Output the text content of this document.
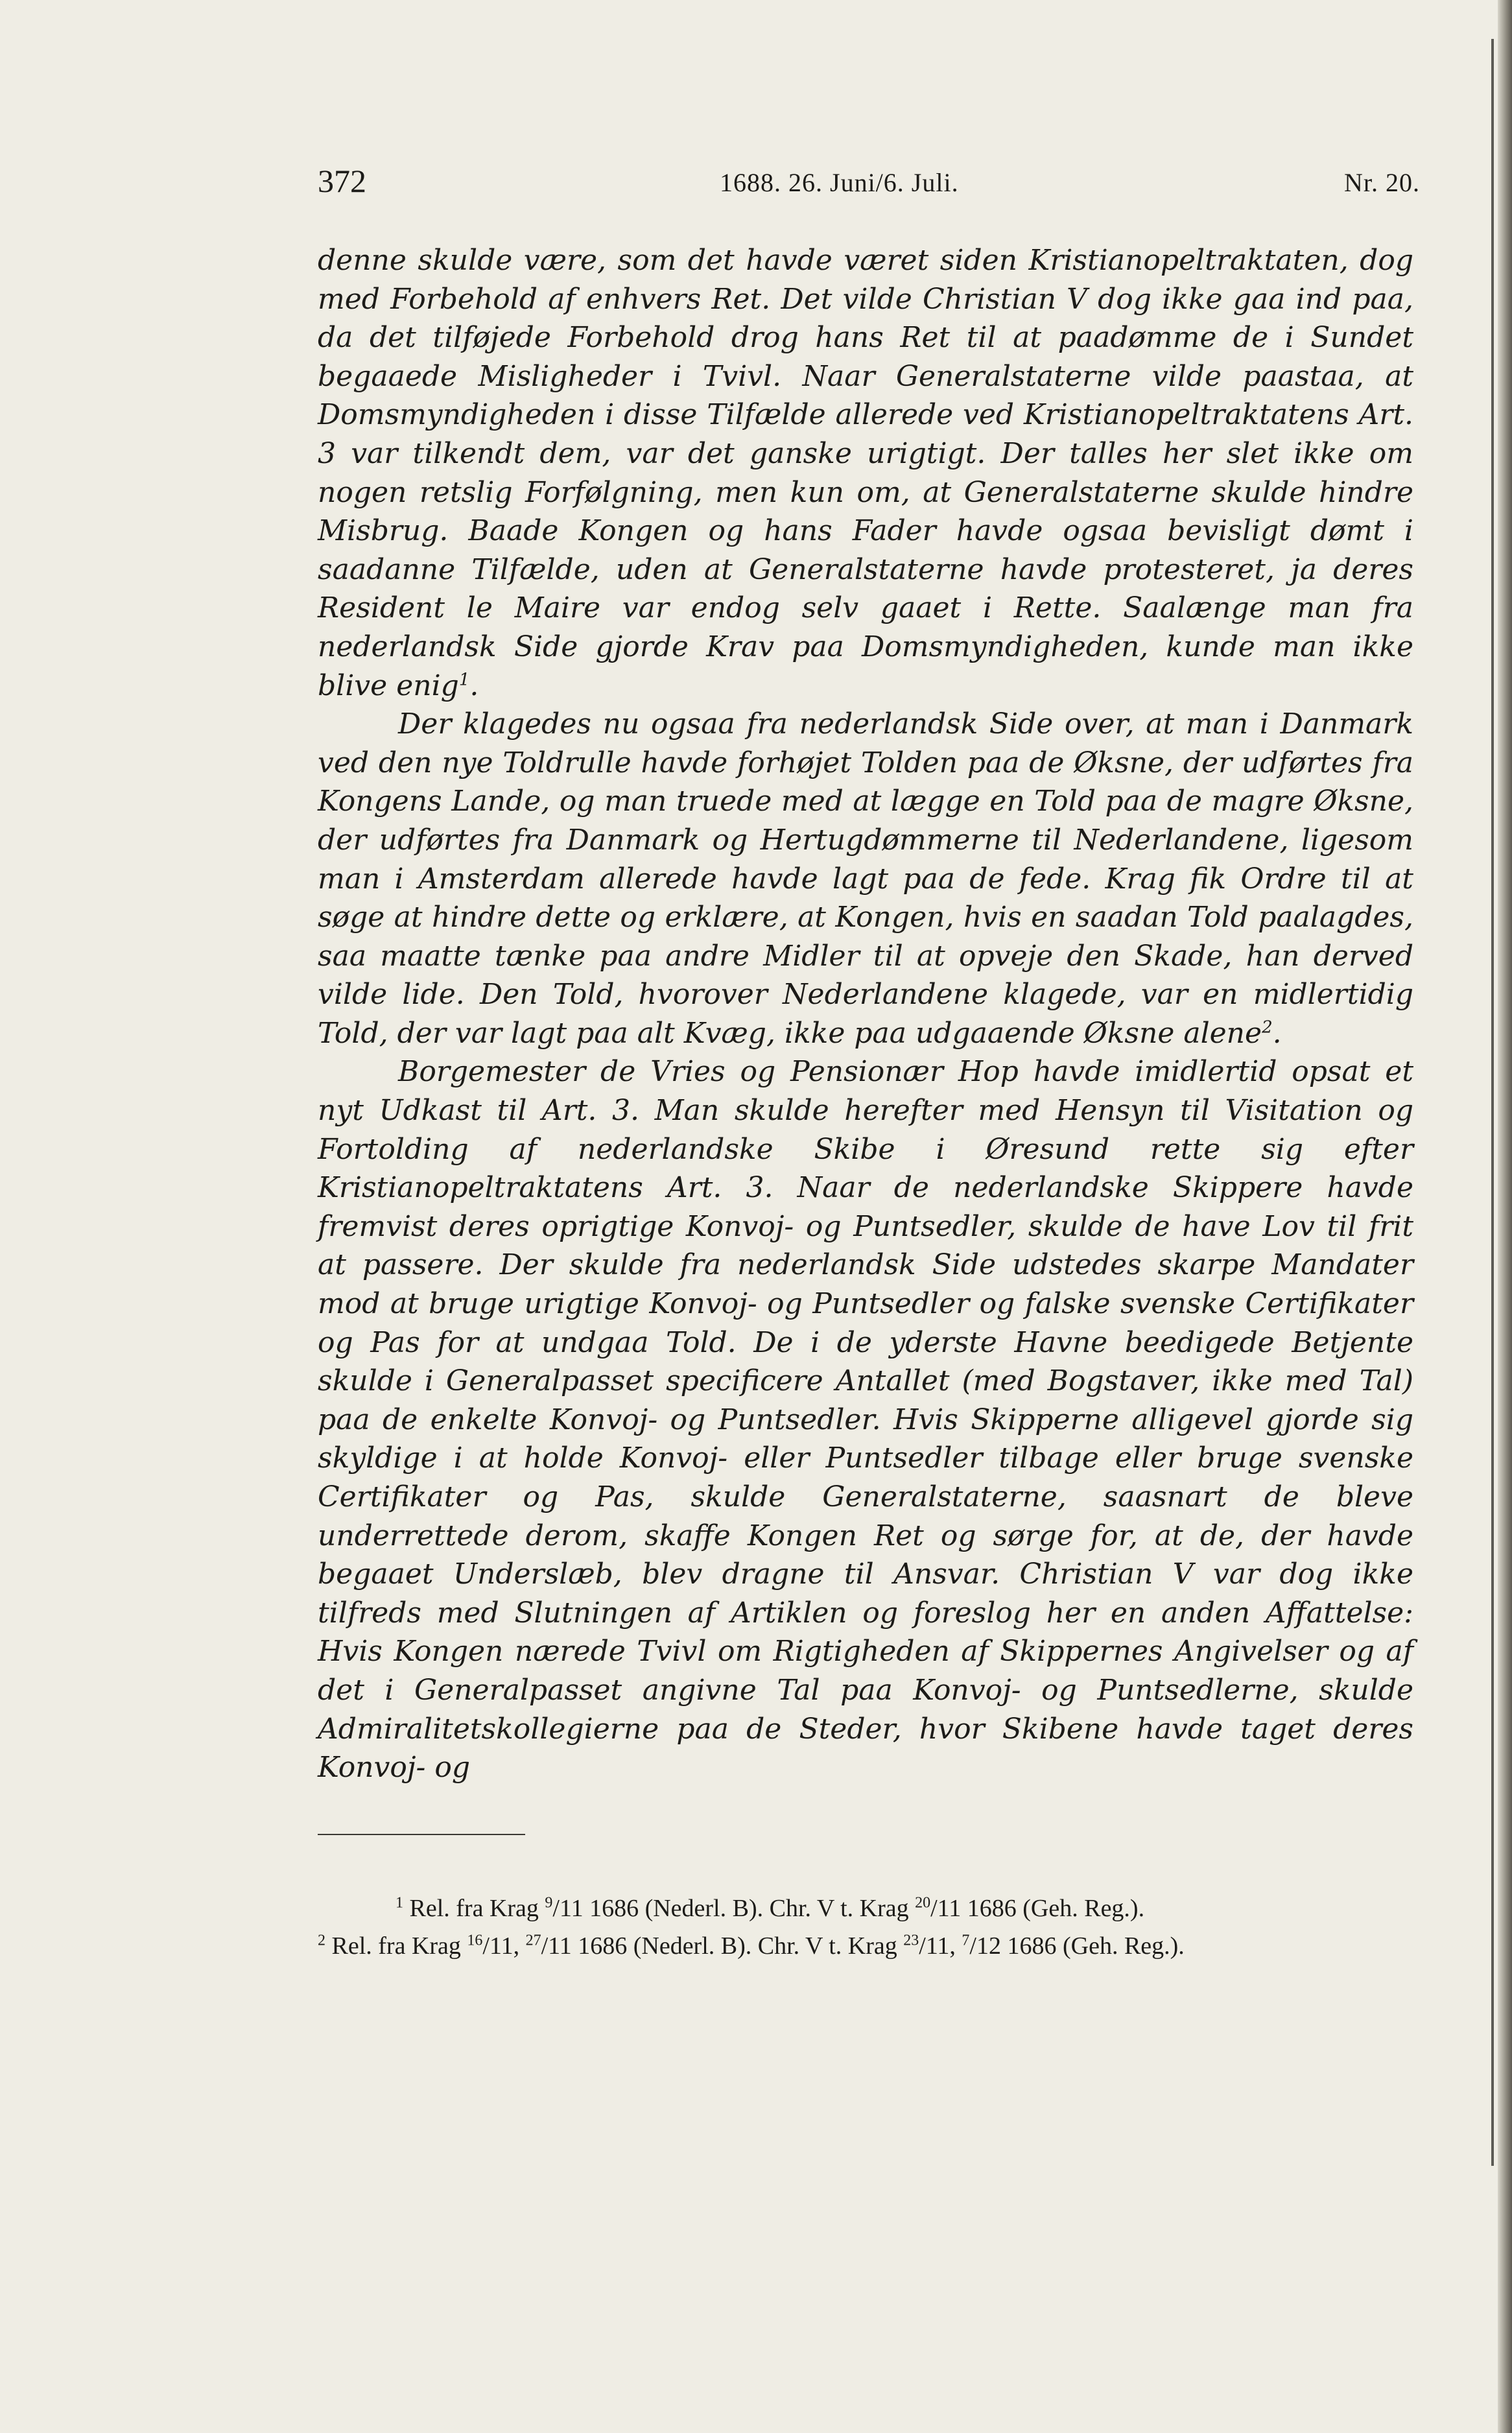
372	1688. 26. Juni/6. Juli.	Nr. 20.

denne skulde være, som det havde været siden Kristianopeltraktaten, dog med Forbehold af enhvers Ret. Det vilde Christian V dog ikke gaa ind paa, da det tilføjede Forbehold drog hans Ret til at paadømme de i Sundet begaaede Misligheder i Tvivl. Naar Generalstaterne vilde paastaa, at Domsmyndigheden i disse Tilfælde allerede ved Kristianopeltraktatens Art. 3 var tilkendt dem, var det ganske urigtigt. Der talles her slet ikke om nogen retslig Forfølgning, men kun om, at Generalstaterne skulde hindre Misbrug. Baade Kongen og hans Fader havde ogsaa bevisligt dømt i saadanne Tilfælde, uden at Generalstaterne havde protesteret, ja deres Resident le Maire var endog selv gaaet i Rette. Saalænge man fra nederlandsk Side gjorde Krav paa Domsmyndigheden, kunde man ikke blive enig$^1$.

Der klagedes nu ogsaa fra nederlandsk Side over, at man i Danmark ved den nye Toldrulle havde forhøjet Tolden paa de Øksne, der udførtes fra Kongens Lande, og man truede med at lægge en Told paa de magre Øksne, der udførtes fra Danmark og Hertugdømmerne til Nederlandene, ligesom man i Amsterdam allerede havde lagt paa de fede. Krag fik Ordre til at søge at hindre dette og erklære, at Kongen, hvis en saadan Told paalagdes, saa maatte tænke paa andre Midler til at opveje den Skade, han derved vilde lide. Den Told, hvorover Nederlandene klagede, var en midlertidig Told, der var lagt paa alt Kvæg, ikke paa udgaaende Øksne alene$^2$.

Borgemester de Vries og Pensionær Hop havde imidlertid opsat et nyt Udkast til Art. 3. Man skulde herefter med Hensyn til Visitation og Fortolding af nederlandske Skibe i Øresund rette sig efter Kristianopeltraktatens Art. 3. Naar de nederlandske Skippere havde fremvist deres oprigtige Konvoj- og Puntsedler, skulde de have Lov til frit at passere. Der skulde fra nederlandsk Side udstedes skarpe Mandater mod at bruge urigtige Konvoj- og Puntsedler og falske svenske Certifikater og Pas for at undgaa Told. De i de yderste Havne beedigede Betjente skulde i Generalpasset specificere Antallet (med Bogstaver, ikke med Tal) paa de enkelte Konvoj- og Puntsedler. Hvis Skipperne alligevel gjorde sig skyldige i at holde Konvoj- eller Puntsedler tilbage eller bruge svenske Certifikater og Pas, skulde Generalstaterne, saasnart de bleve underrettede derom, skaffe Kongen Ret og sørge for, at de, der havde begaaet Underslæb, blev dragne til Ansvar. Christian V var dog ikke tilfreds med Slutningen af Artiklen og foreslog her en anden Affattelse: Hvis Kongen nærede Tvivl om Rigtigheden af Skippernes Angivelser og af det i Generalpasset angivne Tal paa Konvoj- og Puntsedlerne, skulde Admiralitetskollegierne paa de Steder, hvor Skibene havde taget deres Konvoj- og

$^1$ Rel. fra Krag $^9$/11 1686 (Nederl. B). Chr. V t. Krag $^{20}$/11 1686 (Geh. Reg.).

$^2$ Rel. fra Krag $^{16}$/11, $^{27}$/11 1686 (Nederl. B). Chr. V t. Krag $^{23}$/11, $^7$/12 1686 (Geh. Reg.).
